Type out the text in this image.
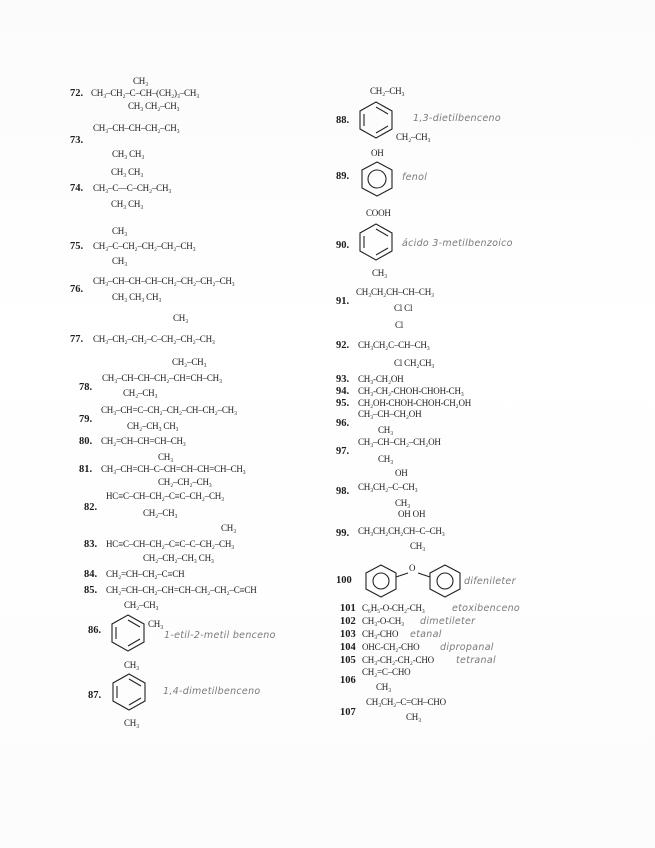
72.
CH₃
CH₃–CH₂–C–CH–(CH₂)₃–CH₃
CH₃ CH₂–CH₃
73.
CH₃–CH–CH–CH₂–CH₃
CH₃ CH₃
74.
CH₃ CH₃
CH₃–C––C–CH₂–CH₃
CH₃ CH₃
75.
CH₃
CH₃–C–CH₂–CH₂–CH₂–CH₃
CH₃
76.
CH₃–CH–CH–CH–CH₂–CH₂–CH₂–CH₃
CH₃ CH₃ CH₃
77.
CH₃
CH₃–CH₂–CH₂–C–CH₂–CH₂–CH₃
CH₂–CH₃
78.
CH₃–CH–CH–CH₂–CH=CH–CH₃
CH₂–CH₃
79.
CH₃–CH=C–CH₂–CH₂–CH–CH₂–CH₃
CH₂–CH₃ CH₃
80. CH₂=CH–CH=CH–CH₃
81.
CH₃
CH₃–CH=CH–C–CH=CH–CH=CH–CH₃
CH₂–CH₂–CH₃
82.
HC≡C–CH–CH₂–C≡C–CH₂–CH₃
CH₂–CH₃
83.
CH₃
HC≡C–CH–CH₂–C≡C–C–CH₂–CH₃
CH₂–CH₂–CH₃ CH₃
84. CH₂=CH–CH₂–C≡CH
85. CH₂=CH–CH₂–CH=CH–CH₂–CH₂–C≡CH
86.
CH₂–CH₃
CH₃
1-etil-2-metil benceno
87.
CH₃
CH₃
1,4-dimetilbenceno
88.
CH₂–CH₃
CH₂–CH₃
1,3-dietilbenceno
89.
OH
fenol
90.
COOH
CH₃
ácido 3-metilbenzoico
91.
CH₃CH₂CH–CH–CH₃
Cl Cl
92.
Cl
CH₃CH₂C–CH–CH₃
Cl CH₂CH₃
93. CH₃-CH₂OH
94. CH₃-CH₂-CHOH-CHOH-CH₃
95. CH₂OH-CHOH-CHOH-CH₂OH
96.
CH₃–CH–CH₂OH
CH₃
97.
CH₃–CH–CH₂–CH₂OH
CH₃
98.
OH
CH₃CH₂–C–CH₃
CH₃
99.
OH OH
CH₃CH₂CH₂CH–C–CH₃
CH₃
100
O
difenileter
101 C₆H₅-O-CH₂-CH₃	etoxibenceno
102 CH₃-O-CH₃ dimetileter
103 CH₃-CHO etanal
104 OHC-CH₂-CHO dipropanal
105 CH₃-CH₂-CH₂-CHO tetranal
106
CH₂=C–CHO
CH₃
107
CH₃CH₂–C=CH–CHO
CH₃
